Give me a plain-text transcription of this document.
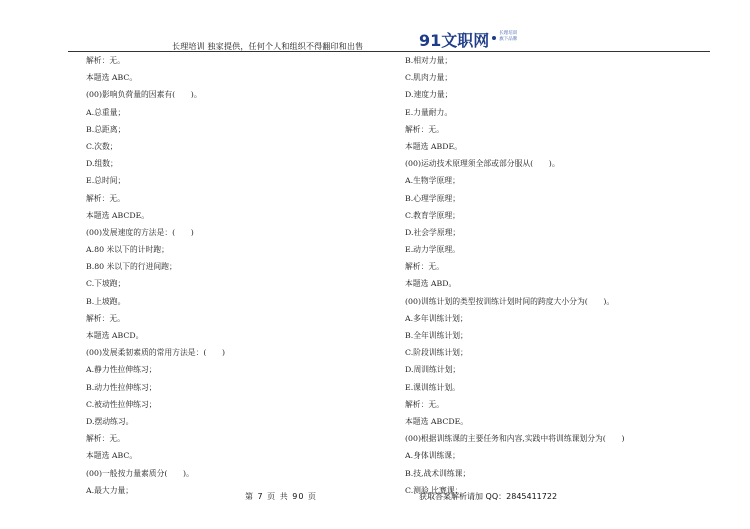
长理培训 独家提供，任何个人和组织不得翻印和出售	91文职网 长理培训
旗下品牌
解析：无。
本题选 ABC。
(00)影响负荷量的因素有(　　)。
A.总重量；
B.总距离；
C.次数；
D.组数；
E.总时间；
解析：无。
本题选 ABCDE。
(00)发展速度的方法是：(　　)
A.80 米以下的计时跑；
B.80 米以下的行进间跑；
C.下坡跑；
B.上坡跑。
解析：无。
本题选 ABCD。
(00)发展柔韧素质的常用方法是：(　　)
A.静力性拉伸练习；
B.动力性拉伸练习；
C.被动性拉伸练习；
D.摆动练习。
解析：无。
本题选 ABC。
(00)一般按力量素质分(　　)。
A.最大力量；
B.相对力量；
C.肌肉力量；
D.速度力量；
E.力量耐力。
解析：无。
本题选 ABDE。
(00)运动技术原理须全部或部分服从(　　)。
A.生物学原理；
B.心理学原理；
C.教育学原理；
D.社会学原理；
E.动力学原理。
解析：无。
本题选 ABD。
(00)训练计划的类型按训练计划时间的跨度大小分为(　　)。
A.多年训练计划；
B.全年训练计划；
C.阶段训练计划；
D.周训练计划；
E.课训练计划。
解析：无。
本题选 ABCDE。
(00)根据训练课的主要任务和内容,实践中将训练课划分为(　　)
A.身体训练课；
B.技,战术训练课；
C.测验,比赛课；
第 7 页 共 90 页	获取答案解析请加 QQ：2845411722
